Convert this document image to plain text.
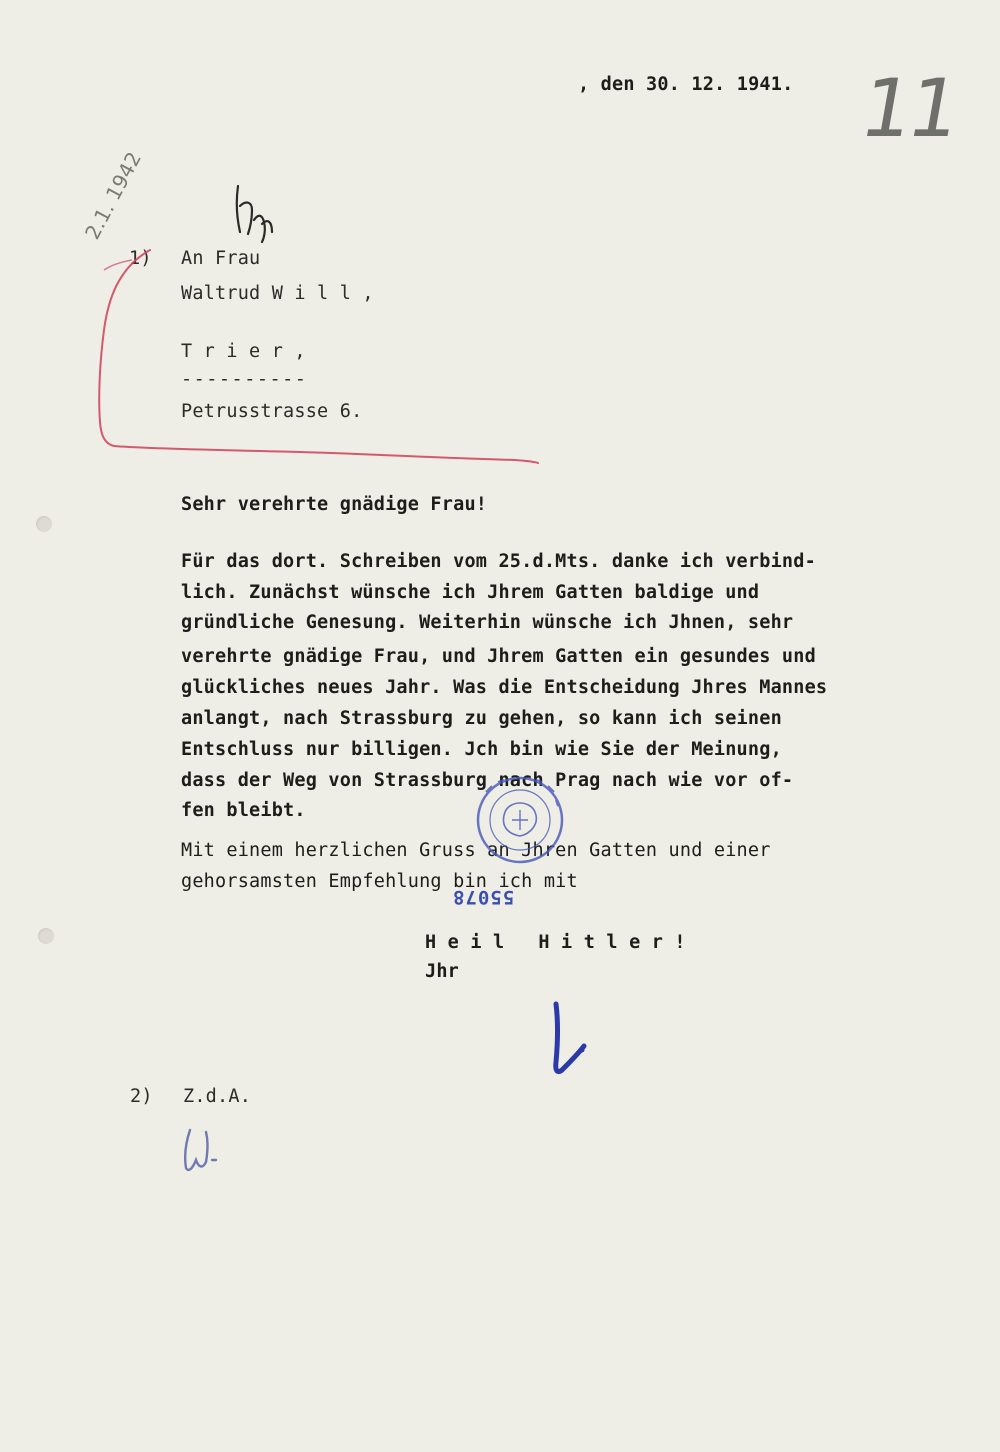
, den 30. 12. 1941. 11
2.1. 1942

1) An Frau

Waltrud W i l l ,

T r i e r ,

----------

Petrusstrasse 6.

Sehr verehrte gnädige Frau!

Für das dort. Schreiben vom 25.d.Mts. danke ich verbind-

lich. Zunächst wünsche ich Jhrem Gatten baldige und

gründliche Genesung. Weiterhin wünsche ich Jhnen, sehr

verehrte gnädige Frau, und Jhrem Gatten ein gesundes und

glückliches neues Jahr. Was die Entscheidung Jhres Mannes

anlangt, nach Strassburg zu gehen, so kann ich seinen

Entschluss nur billigen. Jch bin wie Sie der Meinung,

dass der Weg von Strassburg nach Prag nach wie vor of-

fen bleibt.

Mit einem herzlichen Gruss an Jhren Gatten und einer

gehorsamsten Empfehlung bin ich mit

H e i l   H i t l e r !

Jhr

2) Z.d.A.

55078
